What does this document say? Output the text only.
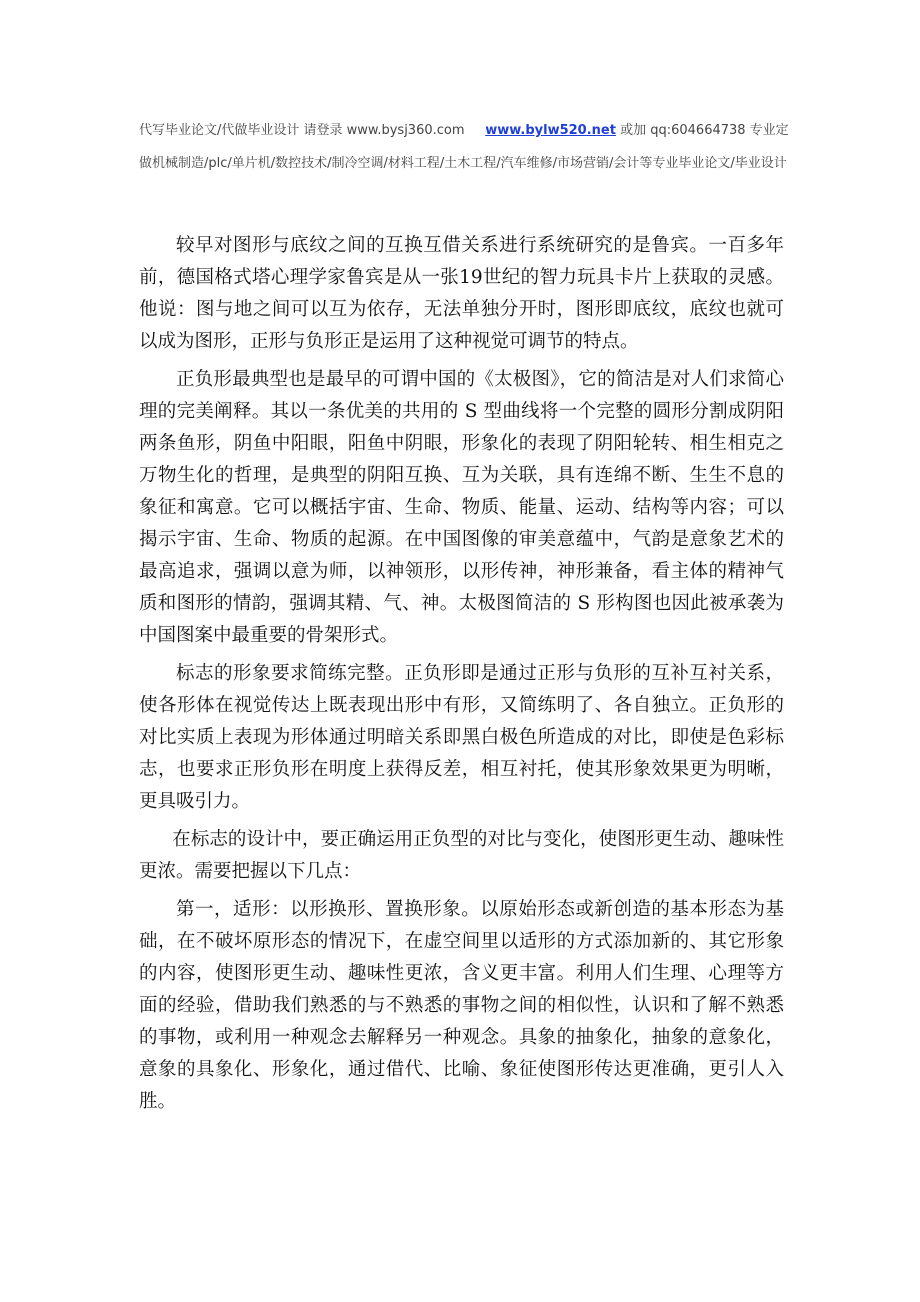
代写毕业论文/代做毕业设计 请登录 www.bysj360.com www.bylw520.net 或加 qq:604664738 专业定做机械制造/plc/单片机/数控技术/制冷空调/材料工程/土木工程/汽车维修/市场营销/会计等专业毕业论文/毕业设计

较早对图形与底纹之间的互换互借关系进行系统研究的是鲁宾。一百多年前，德国格式塔心理学家鲁宾是从一张19世纪的智力玩具卡片上获取的灵感。他说：图与地之间可以互为依存，无法单独分开时，图形即底纹，底纹也就可以成为图形，正形与负形正是运用了这种视觉可调节的特点。

正负形最典型也是最早的可谓中国的《太极图》，它的简洁是对人们求简心理的完美阐释。其以一条优美的共用的 S 型曲线将一个完整的圆形分割成阴阳两条鱼形，阴鱼中阳眼，阳鱼中阴眼，形象化的表现了阴阳轮转、相生相克之万物生化的哲理，是典型的阴阳互换、互为关联，具有连绵不断、生生不息的象征和寓意。它可以概括宇宙、生命、物质、能量、运动、结构等内容；可以揭示宇宙、生命、物质的起源。在中国图像的审美意蕴中，气韵是意象艺术的最高追求，强调以意为师，以神领形，以形传神，神形兼备，看主体的精神气质和图形的情韵，强调其精、气、神。太极图简洁的 S 形构图也因此被承袭为中国图案中最重要的骨架形式。

标志的形象要求简练完整。正负形即是通过正形与负形的互补互衬关系，使各形体在视觉传达上既表现出形中有形，又简练明了、各自独立。正负形的对比实质上表现为形体通过明暗关系即黑白极色所造成的对比，即使是色彩标志，也要求正形负形在明度上获得反差，相互衬托，使其形象效果更为明晰，更具吸引力。

在标志的设计中，要正确运用正负型的对比与变化，使图形更生动、趣味性更浓。需要把握以下几点：

第一，适形：以形换形、置换形象。以原始形态或新创造的基本形态为基础，在不破坏原形态的情况下，在虚空间里以适形的方式添加新的、其它形象的内容，使图形更生动、趣味性更浓，含义更丰富。利用人们生理、心理等方面的经验，借助我们熟悉的与不熟悉的事物之间的相似性，认识和了解不熟悉的事物，或利用一种观念去解释另一种观念。具象的抽象化，抽象的意象化，意象的具象化、形象化，通过借代、比喻、象征使图形传达更准确，更引人入胜。
